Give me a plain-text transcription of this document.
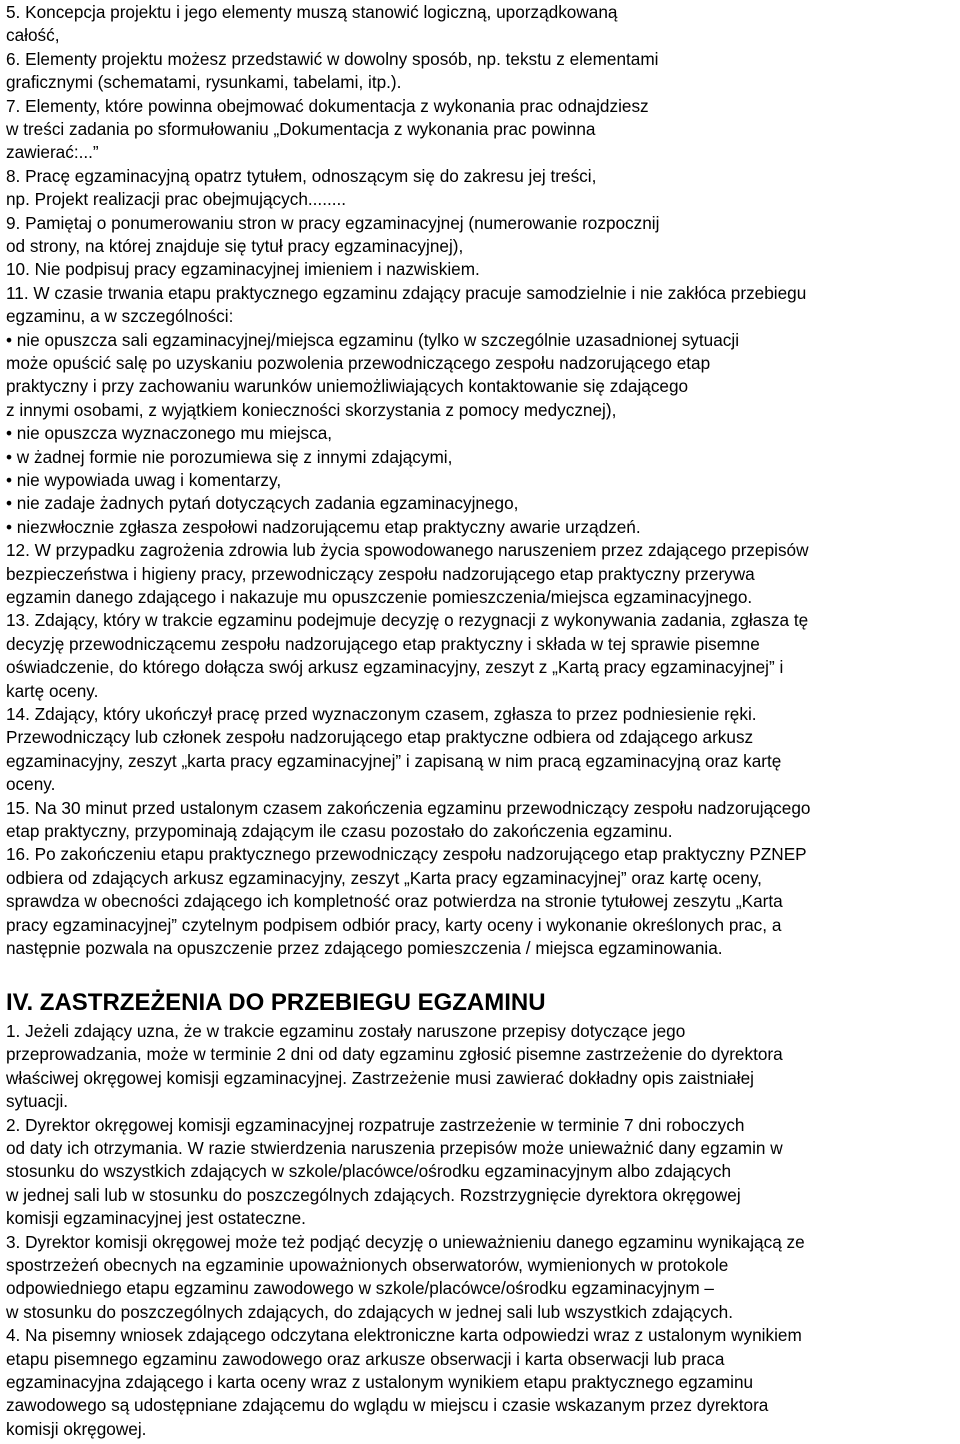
5. Koncepcja projektu i jego elementy muszą stanowić logiczną, uporządkowaną
całość,
6. Elementy projektu możesz przedstawić w dowolny sposób, np. tekstu z elementami
graficznymi (schematami, rysunkami, tabelami, itp.).
7. Elementy, które powinna obejmować dokumentacja z wykonania prac odnajdziesz
w treści zadania po sformułowaniu „Dokumentacja z wykonania prac powinna
zawierać:...”
8. Pracę egzaminacyjną opatrz tytułem, odnoszącym się do zakresu jej treści,
np. Projekt realizacji prac obejmujących........
9. Pamiętaj o ponumerowaniu stron w pracy egzaminacyjnej (numerowanie rozpocznij
od strony, na której znajduje się tytuł pracy egzaminacyjnej),
10. Nie podpisuj pracy egzaminacyjnej imieniem i nazwiskiem.
11. W czasie trwania etapu praktycznego egzaminu zdający pracuje samodzielnie i nie zakłóca przebiegu
egzaminu, a w szczególności:
• nie opuszcza sali egzaminacyjnej/miejsca egzaminu (tylko w szczególnie uzasadnionej sytuacji
może opuścić salę po uzyskaniu pozwolenia przewodniczącego zespołu nadzorującego etap
praktyczny i przy zachowaniu warunków uniemożliwiających kontaktowanie się zdającego
z innymi osobami, z wyjątkiem konieczności skorzystania z pomocy medycznej),
• nie opuszcza wyznaczonego mu miejsca,
• w żadnej formie nie porozumiewa się z innymi zdającymi,
• nie wypowiada uwag i komentarzy,
• nie zadaje żadnych pytań dotyczących zadania egzaminacyjnego,
• niezwłocznie zgłasza zespołowi nadzorującemu etap praktyczny awarie urządzeń.
12. W przypadku zagrożenia zdrowia lub życia spowodowanego naruszeniem przez zdającego przepisów
bezpieczeństwa i higieny pracy, przewodniczący zespołu nadzorującego etap praktyczny przerywa
egzamin danego zdającego i nakazuje mu opuszczenie pomieszczenia/miejsca egzaminacyjnego.
13. Zdający, który w trakcie egzaminu podejmuje decyzję o rezygnacji z wykonywania zadania, zgłasza tę
decyzję przewodniczącemu zespołu nadzorującego etap praktyczny i składa w tej sprawie pisemne
oświadczenie, do którego dołącza swój arkusz egzaminacyjny, zeszyt z „Kartą pracy egzaminacyjnej” i
kartę oceny.
14. Zdający, który ukończył pracę przed wyznaczonym czasem, zgłasza to przez podniesienie ręki.
Przewodniczący lub członek zespołu nadzorującego etap praktyczne odbiera od zdającego arkusz
egzaminacyjny, zeszyt „karta pracy egzaminacyjnej” i zapisaną w nim pracą egzaminacyjną oraz kartę
oceny.
15. Na 30 minut przed ustalonym czasem zakończenia egzaminu przewodniczący zespołu nadzorującego
etap praktyczny, przypominają zdającym ile czasu pozostało do zakończenia egzaminu.
16. Po zakończeniu etapu praktycznego przewodniczący zespołu nadzorującego etap praktyczny PZNEP
odbiera od zdających arkusz egzaminacyjny, zeszyt „Karta pracy egzaminacyjnej” oraz kartę oceny,
sprawdza w obecności zdającego ich kompletność oraz potwierdza na stronie tytułowej zeszytu „Karta
pracy egzaminacyjnej” czytelnym podpisem odbiór pracy, karty oceny i wykonanie określonych prac, a
następnie pozwala na opuszczenie przez zdającego pomieszczenia / miejsca egzaminowania.
IV. ZASTRZEŻENIA DO PRZEBIEGU EGZAMINU
1. Jeżeli zdający uzna, że w trakcie egzaminu zostały naruszone przepisy dotyczące jego
przeprowadzania, może w terminie 2 dni od daty egzaminu zgłosić pisemne zastrzeżenie do dyrektora
właściwej okręgowej komisji egzaminacyjnej. Zastrzeżenie musi zawierać dokładny opis zaistniałej
sytuacji.
2. Dyrektor okręgowej komisji egzaminacyjnej rozpatruje zastrzeżenie w terminie 7 dni roboczych
od daty ich otrzymania. W razie stwierdzenia naruszenia przepisów może unieważnić dany egzamin w
stosunku do wszystkich zdających w szkole/placówce/ośrodku egzaminacyjnym albo zdających
w jednej sali lub w stosunku do poszczególnych zdających. Rozstrzygnięcie dyrektora okręgowej
komisji egzaminacyjnej jest ostateczne.
3. Dyrektor komisji okręgowej może też podjąć decyzję o unieważnieniu danego egzaminu wynikającą ze
spostrzeżeń obecnych na egzaminie upoważnionych obserwatorów, wymienionych w protokole
odpowiedniego etapu egzaminu zawodowego w szkole/placówce/ośrodku egzaminacyjnym –
w stosunku do poszczególnych zdających, do zdających w jednej sali lub wszystkich zdających.
4. Na pisemny wniosek zdającego odczytana elektroniczne karta odpowiedzi wraz z ustalonym wynikiem
etapu pisemnego egzaminu zawodowego oraz arkusze obserwacji i karta obserwacji lub praca
egzaminacyjna zdającego i karta oceny wraz z ustalonym wynikiem etapu praktycznego egzaminu
zawodowego są udostępniane zdającemu do wglądu w miejscu i czasie wskazanym przez dyrektora
komisji okręgowej.
